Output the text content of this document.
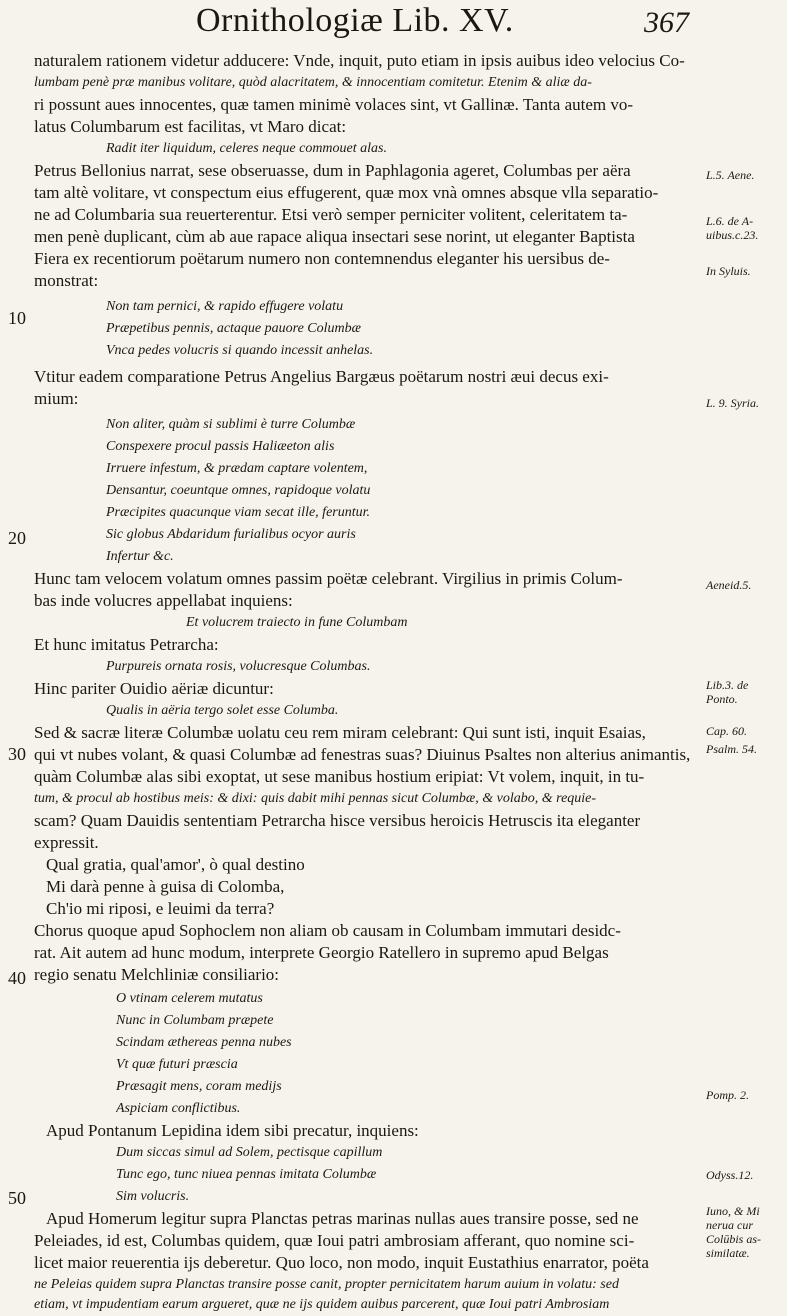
Ornithologiæ Lib. XV.	367
naturalem rationem videtur adducere: Vnde, inquit, puto etiam in ipsis auibus ideo velocius Co-
lumbam penè præ manibus volitare, quòd alacritatem, & innocentiam comitetur. Etenim & aliæ da-
ri possunt aues innocentes, quæ tamen minimè volaces sint, vt Gallinæ. Tanta autem vo-
latus Columbarum est facilitas, vt Maro dicat:
Radit iter liquidum, celeres neque commouet alas.
Petrus Bellonius narrat, sese obseruasse, dum in Paphlagonia ageret, Columbas per aëra
tam altè volitare, vt conspectum eius effugerent, quæ mox vnà omnes absque vlla separatio-
ne ad Columbaria sua reuerterentur. Etsi verò semper perniciter volitent, celeritatem ta-
men penè duplicant, cùm ab aue rapace aliqua insectari sese norint, ut eleganter Baptista
Fiera ex recentiorum poëtarum numero non contemnendus eleganter his uersibus de-
monstrat:
Non tam pernici, & rapido effugere volatu
Præpetibus pennis, actaque pauore Columbæ
Vnca pedes volucris si quando incessit anhelas.
Vtitur eadem comparatione Petrus Angelius Bargæus poëtarum nostri æui decus exi-
mium:
Non aliter, quàm si sublimi è turre Columbæ
Conspexere procul passis Haliæeton alis
Irruere infestum, & prædam captare volentem,
Densantur, coeuntque omnes, rapidoque volatu
Præcipites quacunque viam secat ille, feruntur.
Sic globus Abdaridum furialibus ocyor auris
Infertur &c.
Hunc tam velocem volatum omnes passim poëtæ celebrant. Virgilius in primis Colum-
bas inde volucres appellabat inquiens:
Et volucrem traiecto in fune Columbam
Et hunc imitatus Petrarcha:
Purpureis ornata rosis, volucresque Columbas.
Hinc pariter Ouidio aëriæ dicuntur:
Qualis in aëria tergo solet esse Columba.
Sed & sacræ literæ Columbæ uolatu ceu rem miram celebrant: Qui sunt isti, inquit Esaias,
qui vt nubes volant, & quasi Columbæ ad fenestras suas? Diuinus Psaltes non alterius animantis,
quàm Columbæ alas sibi exoptat, ut sese manibus hostium eripiat: Vt volem, inquit, in tu-
tum, & procul ab hostibus meis: & dixi: quis dabit mihi pennas sicut Columbæ, & volabo, & requie-
scam? Quam Dauidis sententiam Petrarcha hisce versibus heroicis Hetruscis ita eleganter
expressit.
Qual gratia, qual'amor', ò qual destino
Mi darà penne à guisa di Colomba,
Ch'io mi riposi, e leuimi da terra?
Chorus quoque apud Sophoclem non aliam ob causam in Columbam immutari desidc-
rat. Ait autem ad hunc modum, interprete Georgio Ratellero in supremo apud Belgas
regio senatu Melchliniæ consiliario:
O vtinam celerem mutatus
Nunc in Columbam præpete
Scindam æthereas penna nubes
Vt quæ futuri præscia
Præsagit mens, coram medijs
Aspiciam conflictibus.
Apud Pontanum Lepidina idem sibi precatur, inquiens:
Dum siccas simul ad Solem, pectisque capillum
Tunc ego, tunc niuea pennas imitata Columbæ
Sim volucris.
Apud Homerum legitur supra Planctas petras marinas nullas aues transire posse, sed ne
Peleiades, id est, Columbas quidem, quæ Ioui patri ambrosiam afferant, quo nomine sci-
licet maior reuerentia ijs deberetur. Quo loco, non modo, inquit Eustathius enarrator, poëta
ne Peleias quidem supra Planctas transire posse canit, propter pernicitatem harum auium in volatu: sed
etiam, vt impudentiam earum argueret, quæ ne ijs quidem auibus parcerent, quæ Ioui patri Ambrosiam
L.5. Aene.
L.6. de A-
uibus.c.23.
In Syluis.
L. 9. Syria.
Aeneid.5.
Lib.3. de
Ponto.
Cap. 60.
Psalm. 54.
Pomp. 2.
Odyss.12.
Iuno, & Mi
nerua cur
Colūbis as-
similatæ.
10
20
30
40
50
